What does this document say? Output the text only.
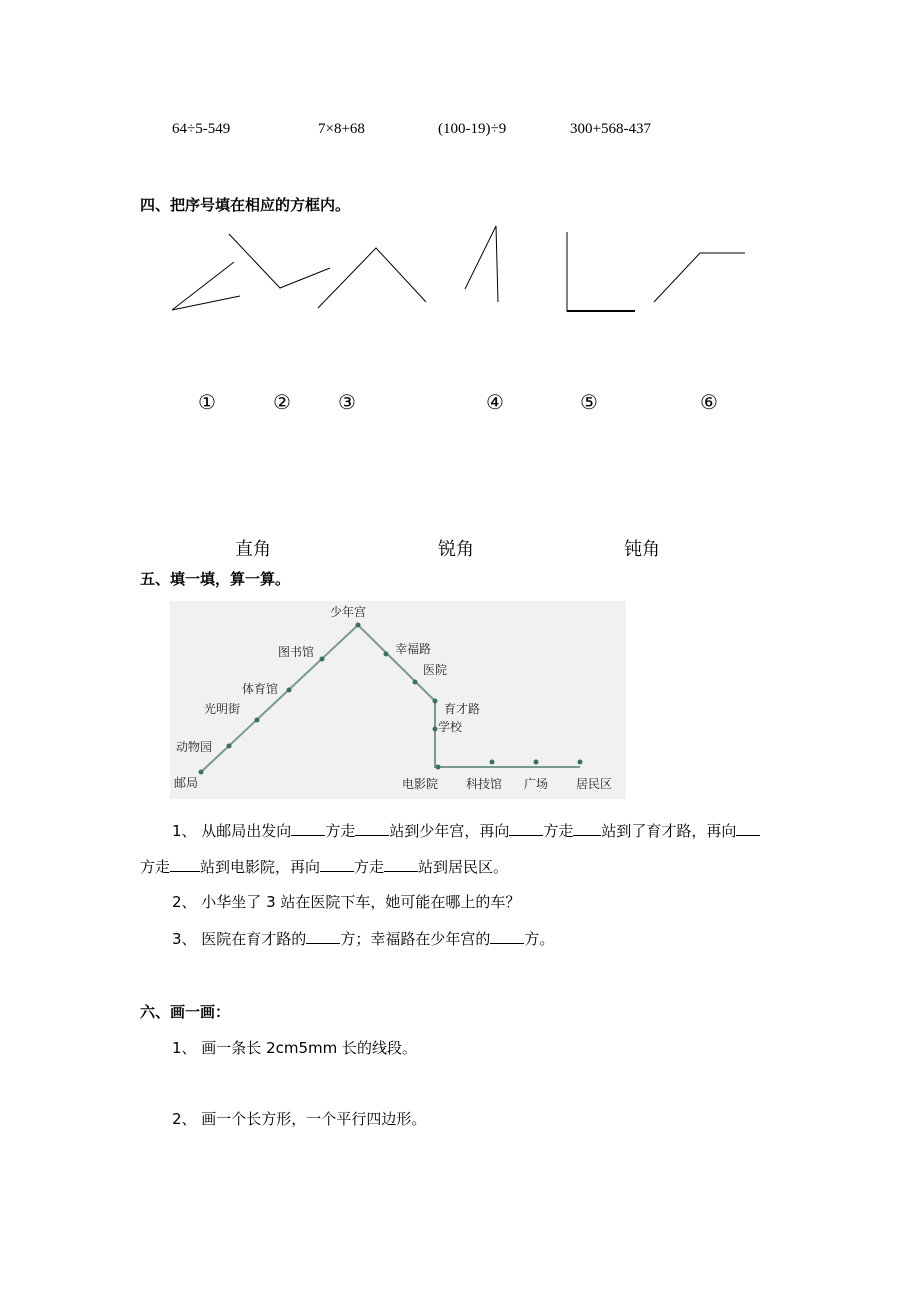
64÷5-549	7×8+68	(100-19)÷9	300+568-437
四、把序号填在相应的方框内。
①	② ③	④	⑤	⑥
直角	锐角	钝角
五、填一填，算一算。
邮局
动物园
光明街
体育馆
图书馆
少年宫
幸福路
医院
育才路
学校
电影院 科技馆 广场 居民区
1、 从邮局出发向 方走 站到少年宫，再向 方走 站到了育才路，再向
方走 站到电影院，再向 方走 站到居民区。
2、 小华坐了 3 站在医院下车，她可能在哪上的车？
3、 医院在育才路的 方；幸福路在少年宫的 方。
六、画一画：
1、 画一条长 2cm5mm 长的线段。
2、 画一个长方形，一个平行四边形。
